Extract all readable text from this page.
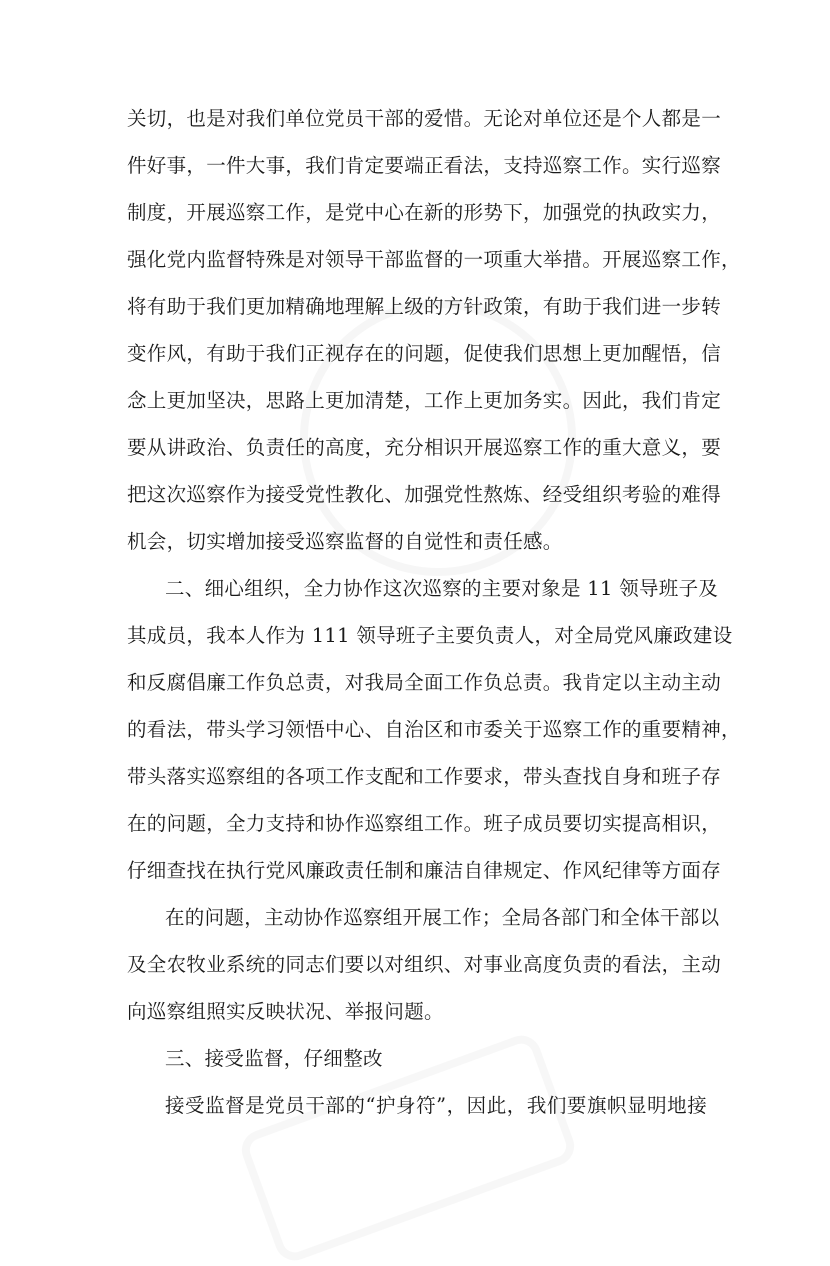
关切，也是对我们单位党员干部的爱惜。无论对单位还是个人都是一
件好事，一件大事，我们肯定要端正看法，支持巡察工作。实行巡察
制度，开展巡察工作，是党中心在新的形势下，加强党的执政实力，
强化党内监督特殊是对领导干部监督的一项重大举措。开展巡察工作，
将有助于我们更加精确地理解上级的方针政策，有助于我们进一步转
变作风，有助于我们正视存在的问题，促使我们思想上更加醒悟，信
念上更加坚决，思路上更加清楚，工作上更加务实。因此，我们肯定
要从讲政治、负责任的高度，充分相识开展巡察工作的重大意义，要
把这次巡察作为接受党性教化、加强党性熬炼、经受组织考验的难得
机会，切实增加接受巡察监督的自觉性和责任感。
二、细心组织，全力协作这次巡察的主要对象是 11 领导班子及
其成员，我本人作为 111 领导班子主要负责人，对全局党风廉政建设
和反腐倡廉工作负总责，对我局全面工作负总责。我肯定以主动主动
的看法，带头学习领悟中心、自治区和市委关于巡察工作的重要精神，
带头落实巡察组的各项工作支配和工作要求，带头查找自身和班子存
在的问题，全力支持和协作巡察组工作。班子成员要切实提高相识，
仔细查找在执行党风廉政责任制和廉洁自律规定、作风纪律等方面存
在的问题，主动协作巡察组开展工作；全局各部门和全体干部以
及全农牧业系统的同志们要以对组织、对事业高度负责的看法，主动
向巡察组照实反映状况、举报问题。
三、接受监督，仔细整改
接受监督是党员干部的“护身符”，因此，我们要旗帜显明地接
